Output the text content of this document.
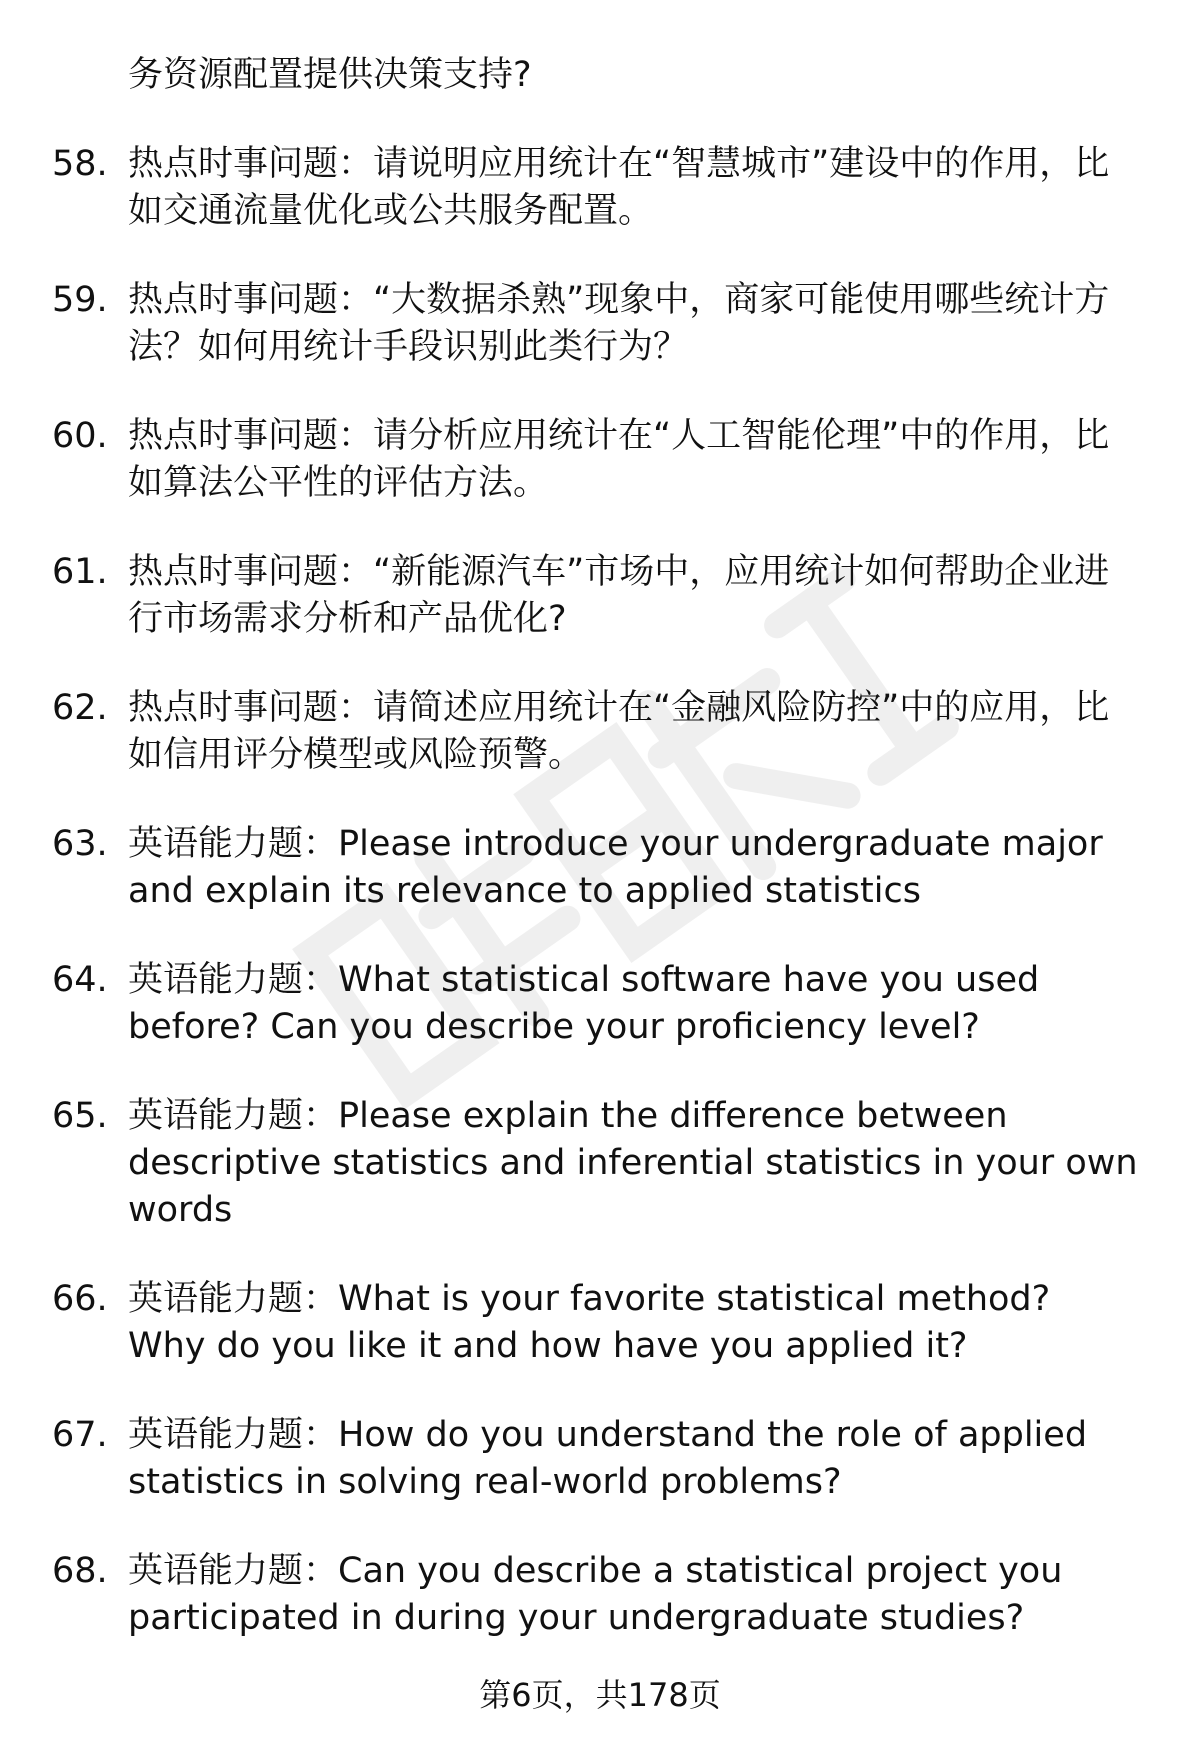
务资源配置提供决策支持?

58. 热点时事问题：请说明应用统计在“智慧城市”建设中的作用，比如交通流量优化或公共服务配置。
59. 热点时事问题：“大数据杀熟”现象中，商家可能使用哪些统计方法？如何用统计手段识别此类行为？
60. 热点时事问题：请分析应用统计在“人工智能伦理”中的作用，比如算法公平性的评估方法。
61. 热点时事问题：“新能源汽车”市场中，应用统计如何帮助企业进行市场需求分析和产品优化?
62. 热点时事问题：请简述应用统计在“金融风险防控”中的应用，比如信用评分模型或风险预警。
63. 英语能力题：Please introduce your undergraduate major and explain its relevance to applied statistics
64. 英语能力题：What statistical software have you used before? Can you describe your proficiency level?
65. 英语能力题：Please explain the difference between descriptive statistics and inferential statistics in your own words
66. 英语能力题：What is your favorite statistical method? Why do you like it and how have you applied it?
67. 英语能力题：How do you understand the role of applied statistics in solving real-world problems?
68. 英语能力题：Can you describe a statistical project you participated in during your undergraduate studies?
第6页，共178页
